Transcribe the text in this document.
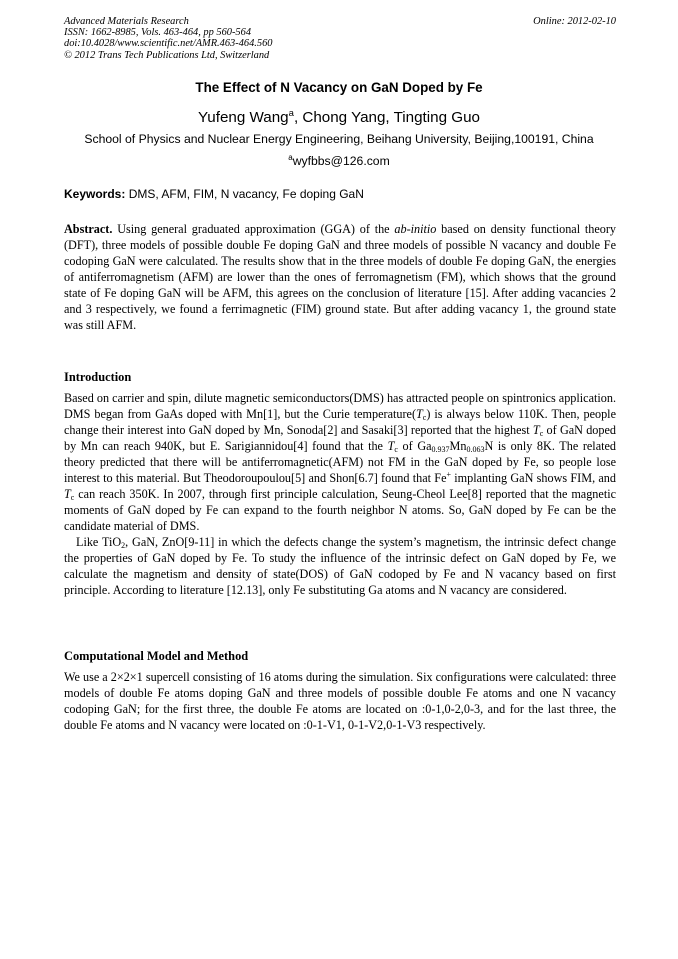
Advanced Materials Research
ISSN: 1662-8985, Vols. 463-464, pp 560-564
doi:10.4028/www.scientific.net/AMR.463-464.560
© 2012 Trans Tech Publications Ltd, Switzerland
Online: 2012-02-10
The Effect of N Vacancy on GaN Doped by Fe
Yufeng Wang$^a$, Chong Yang, Tingting Guo
School of Physics and Nuclear Energy Engineering, Beihang University, Beijing,100191, China
$^a$wyfbbs@126.com
Keywords: DMS, AFM, FIM, N vacancy, Fe doping GaN
Abstract. Using general graduated approximation (GGA) of the ab-initio based on density functional theory (DFT), three models of possible double Fe doping GaN and three models of possible N vacancy and double Fe codoping GaN were calculated. The results show that in the three models of double Fe doping GaN, the energies of antiferromagnetism (AFM) are lower than the ones of ferromagnetism (FM), which shows that the ground state of Fe doping GaN will be AFM, this agrees on the conclusion of literature [15]. After adding vacancies 2 and 3 respectively, we found a ferrimagnetic (FIM) ground state. But after adding vacancy 1, the ground state was still AFM.
Introduction

Based on carrier and spin, dilute magnetic semiconductors(DMS) has attracted people on spintronics application. DMS began from GaAs doped with Mn[1], but the Curie $temperature(T_c)$ is always below 110K. Then, people change their interest into GaN doped by Mn, Sonoda[2] and Sasaki[3] reported that the highest $T_c$ of GaN doped by Mn can reach 940K, but E. Sarigiannidou[4] found that the $T_c$ of $Ga_{0.937}Mn_{0.063}N$ is only 8K. The related theory predicted that there will be antiferromagnetic(AFM) not FM in the GaN doped by Fe, so people lose interest to this material. But Theodoroupoulou[5] and Shon[6.7] found that Fe+ implanting GaN shows FIM, and $T_c$ can reach 350K. In 2007, through first principle calculation, Seung-Cheol Lee[8] reported that the magnetic moments of GaN doped by Fe can expand to the fourth neighbor N atoms. So, GaN doped by Fe can be the candidate material of DMS.

Like TiO$_2$, GaN, ZnO[9-11] in which the defects change the system’s magnetism, the intrinsic defect change the properties of GaN doped by Fe. To study the influence of the intrinsic defect on GaN doped by Fe, we calculate the magnetism and density of state(DOS) of GaN codoped by Fe and N vacancy based on first principle. According to literature [12.13], only Fe substituting Ga atoms and N vacancy are considered.

Computational Model and Method
We use a 2×2×1 supercell consisting of 16 atoms during the simulation. Six configurations were calculated: three models of double Fe atoms doping GaN and three models of possible double Fe atoms and one N vacancy codoping GaN; for the first three, the double Fe atoms are located on :0-1,0-2,0-3, and for the last three, the double Fe atoms and N vacancy were located on :0-1-V1, 0-1-V2,0-1-V3 respectively.
